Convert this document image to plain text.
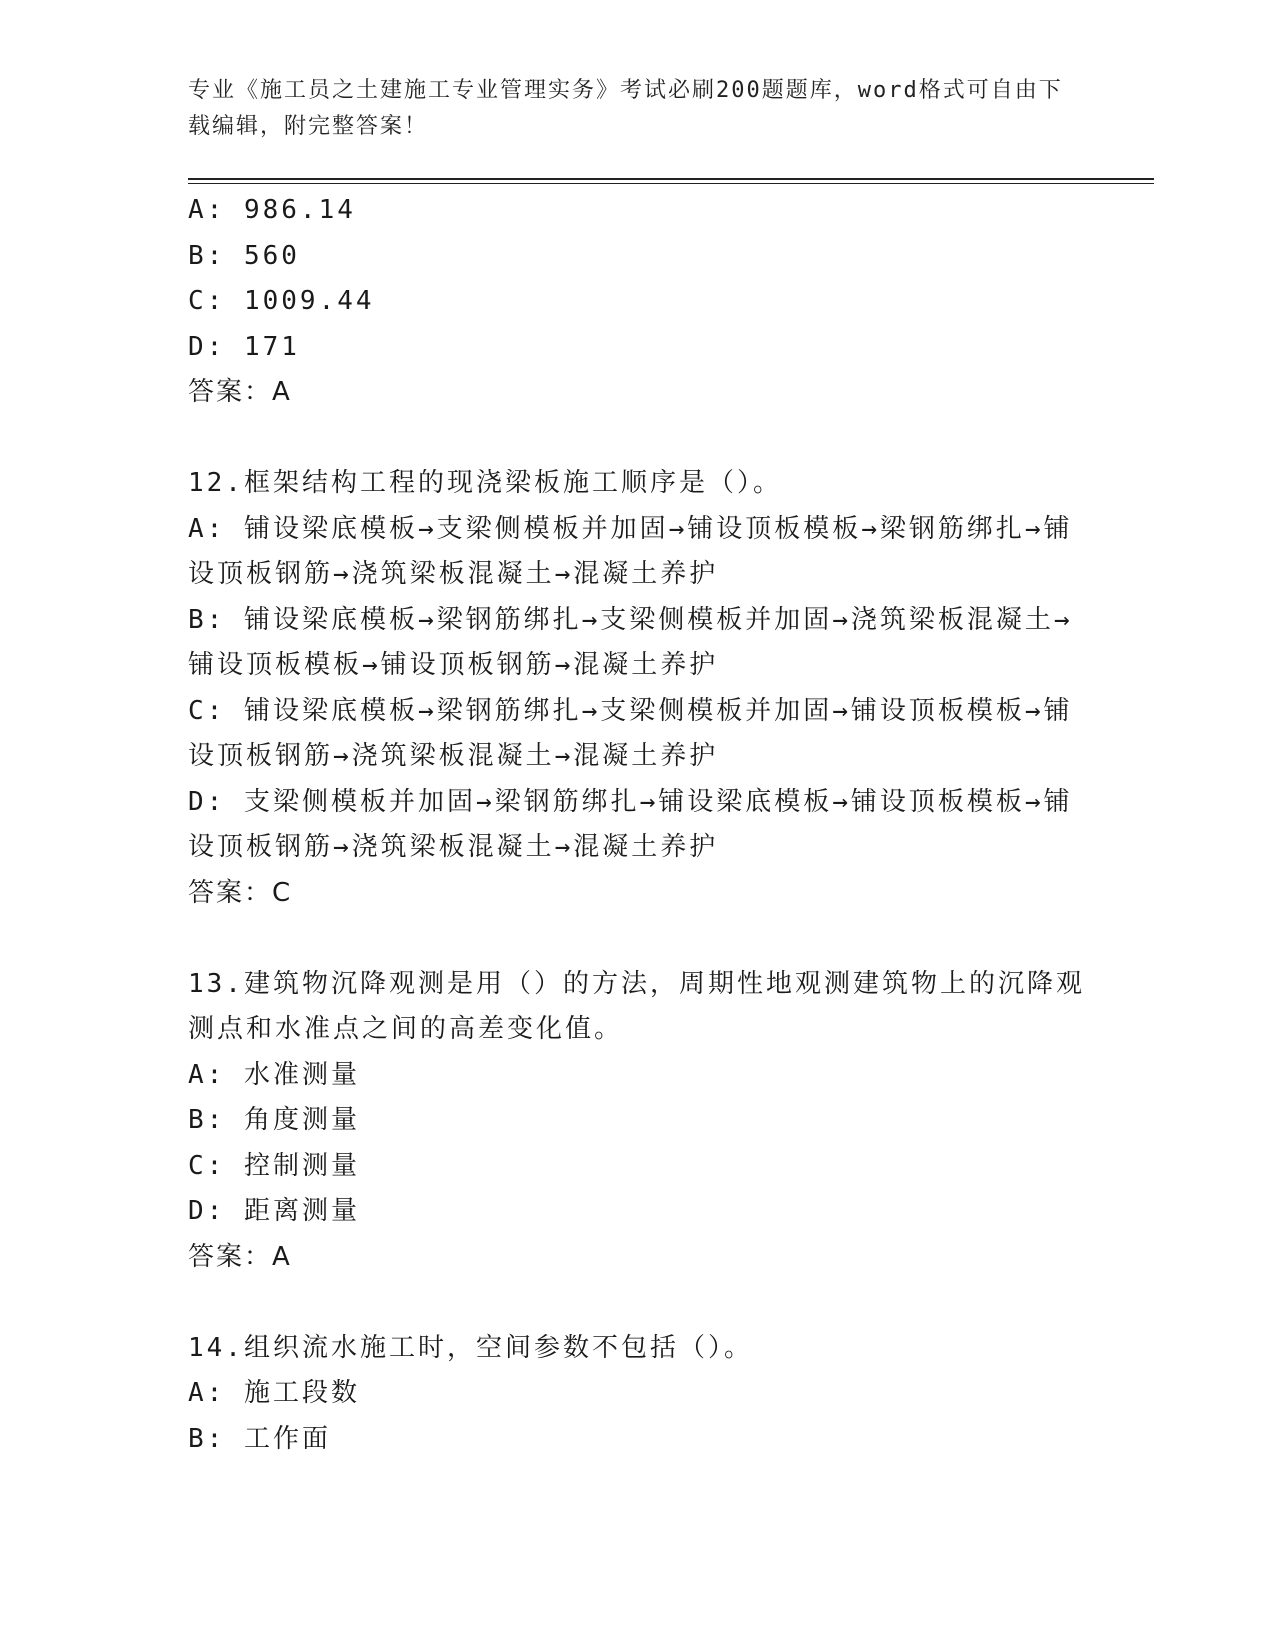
专业《施工员之土建施工专业管理实务》考试必刷200题题库，word格式可自由下载编辑，附完整答案！
A: 986.14
B: 560
C: 1009.44
D: 171
答案：A
12.框架结构工程的现浇梁板施工顺序是（）。
A: 铺设梁底模板→支梁侧模板并加固→铺设顶板模板→梁钢筋绑扎→铺设顶板钢筋→浇筑梁板混凝土→混凝土养护
B: 铺设梁底模板→梁钢筋绑扎→支梁侧模板并加固→浇筑梁板混凝土→铺设顶板模板→铺设顶板钢筋→混凝土养护
C: 铺设梁底模板→梁钢筋绑扎→支梁侧模板并加固→铺设顶板模板→铺设顶板钢筋→浇筑梁板混凝土→混凝土养护
D: 支梁侧模板并加固→梁钢筋绑扎→铺设梁底模板→铺设顶板模板→铺设顶板钢筋→浇筑梁板混凝土→混凝土养护
答案：C
13.建筑物沉降观测是用（）的方法，周期性地观测建筑物上的沉降观测点和水准点之间的高差变化值。
A: 水准测量
B: 角度测量
C: 控制测量
D: 距离测量
答案：A
14.组织流水施工时，空间参数不包括（）。
A: 施工段数
B: 工作面
